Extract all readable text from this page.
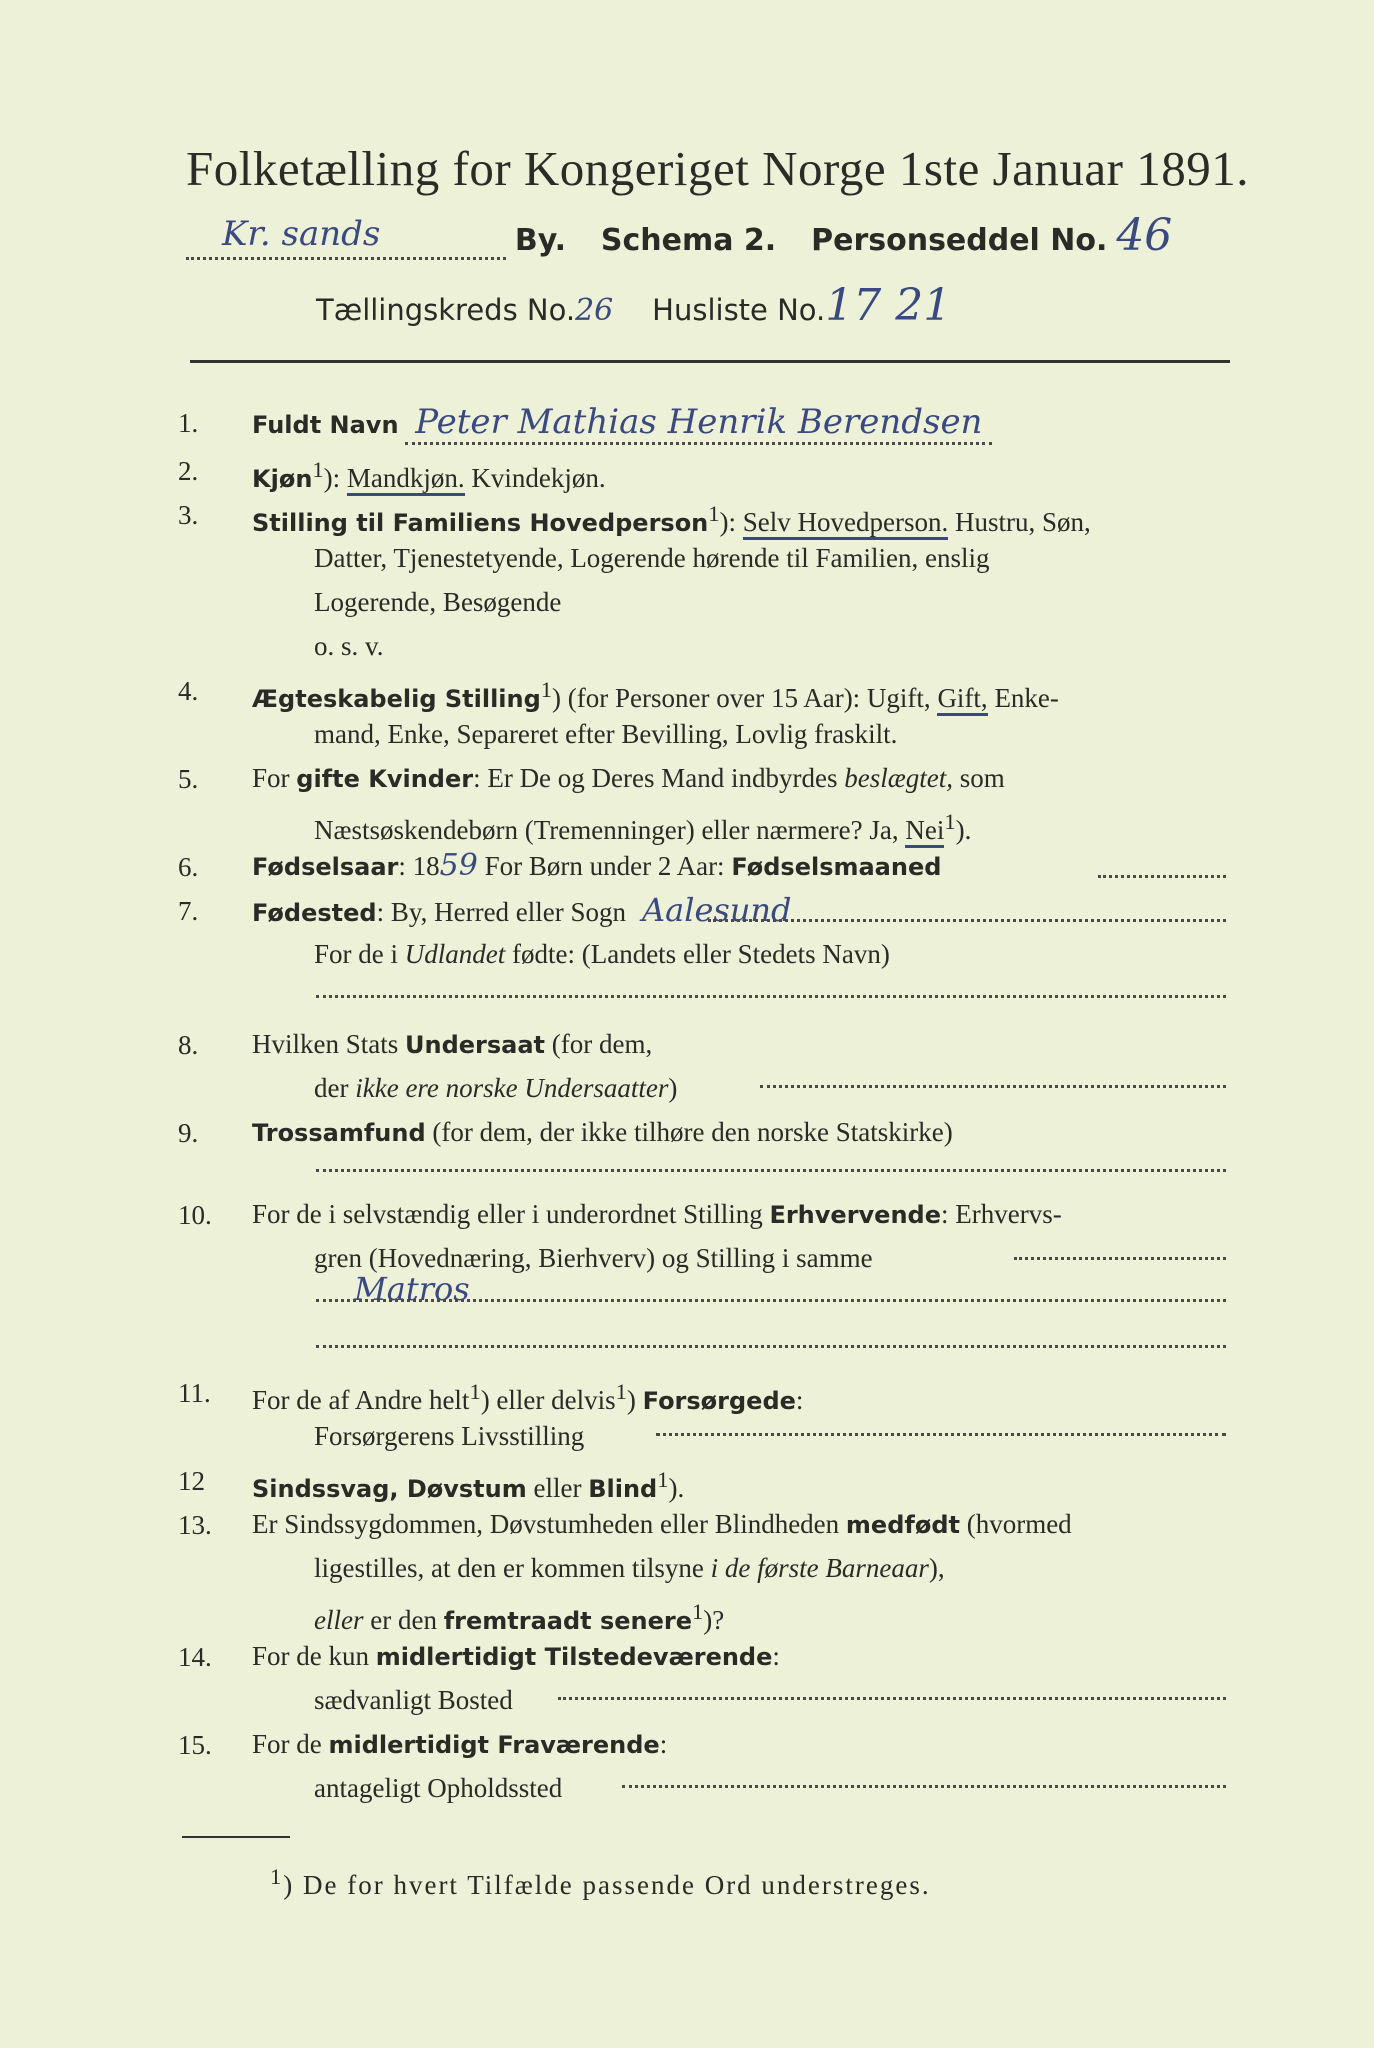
Folketælling for Kongeriget Norge 1ste Januar 1891.
Kr. sands	By. Schema 2. Personseddel No. 46
Tællingskreds No.26 Husliste No.17 21
1.	Fuldt Navn Peter Mathias Henrik Berendsen
2.	Kjøn$^1$): Mandkjøn. Kvindekjøn.
3.	Stilling til Familiens Hovedperson$^1$): Selv Hovedperson. Hustru, Søn,
Datter, Tjenestetyende, Logerende hørende til Familien, enslig
Logerende, Besøgende
o. s. v.
4.	Ægteskabelig Stilling$^1$) (for Personer over 15 Aar): Ugift, Gift, Enke-
mand, Enke, Separeret efter Bevilling, Lovlig fraskilt.
5.	For gifte Kvinder: Er De og Deres Mand indbyrdes beslægtet, som
Næstsøskendebørn (Tremenninger) eller nærmere? Ja, Nei$^1$).
6.	Fødselsaar: 1859 For Børn under 2 Aar: Fødselsmaaned
7.	Fødested: By, Herred eller Sogn Aalesund
For de i Udlandet fødte: (Landets eller Stedets Navn)
8.	Hvilken Stats Undersaat (for dem,
der ikke ere norske Undersaatter)
9.	Trossamfund (for dem, der ikke tilhøre den norske Statskirke)
10.	For de i selvstændig eller i underordnet Stilling Erhvervende: Erhvervs-
gren (Hovednæring, Bierhverv) og Stilling i samme
Matros
11.	For de af Andre helt$^1$) eller delvis$^1$) Forsørgede:
Forsørgerens Livsstilling
12	Sindssvag, Døvstum eller Blind$^1$).
13.	Er Sindssygdommen, Døvstumheden eller Blindheden medfødt (hvormed
ligestilles, at den er kommen tilsyne i de første Barneaar),
eller er den fremtraadt senere$^1$)?
14.	For de kun midlertidigt Tilstedeværende:
sædvanligt Bosted
15.	For de midlertidigt Fraværende:
antageligt Opholdssted
$^1$) De for hvert Tilfælde passende Ord understreges.
